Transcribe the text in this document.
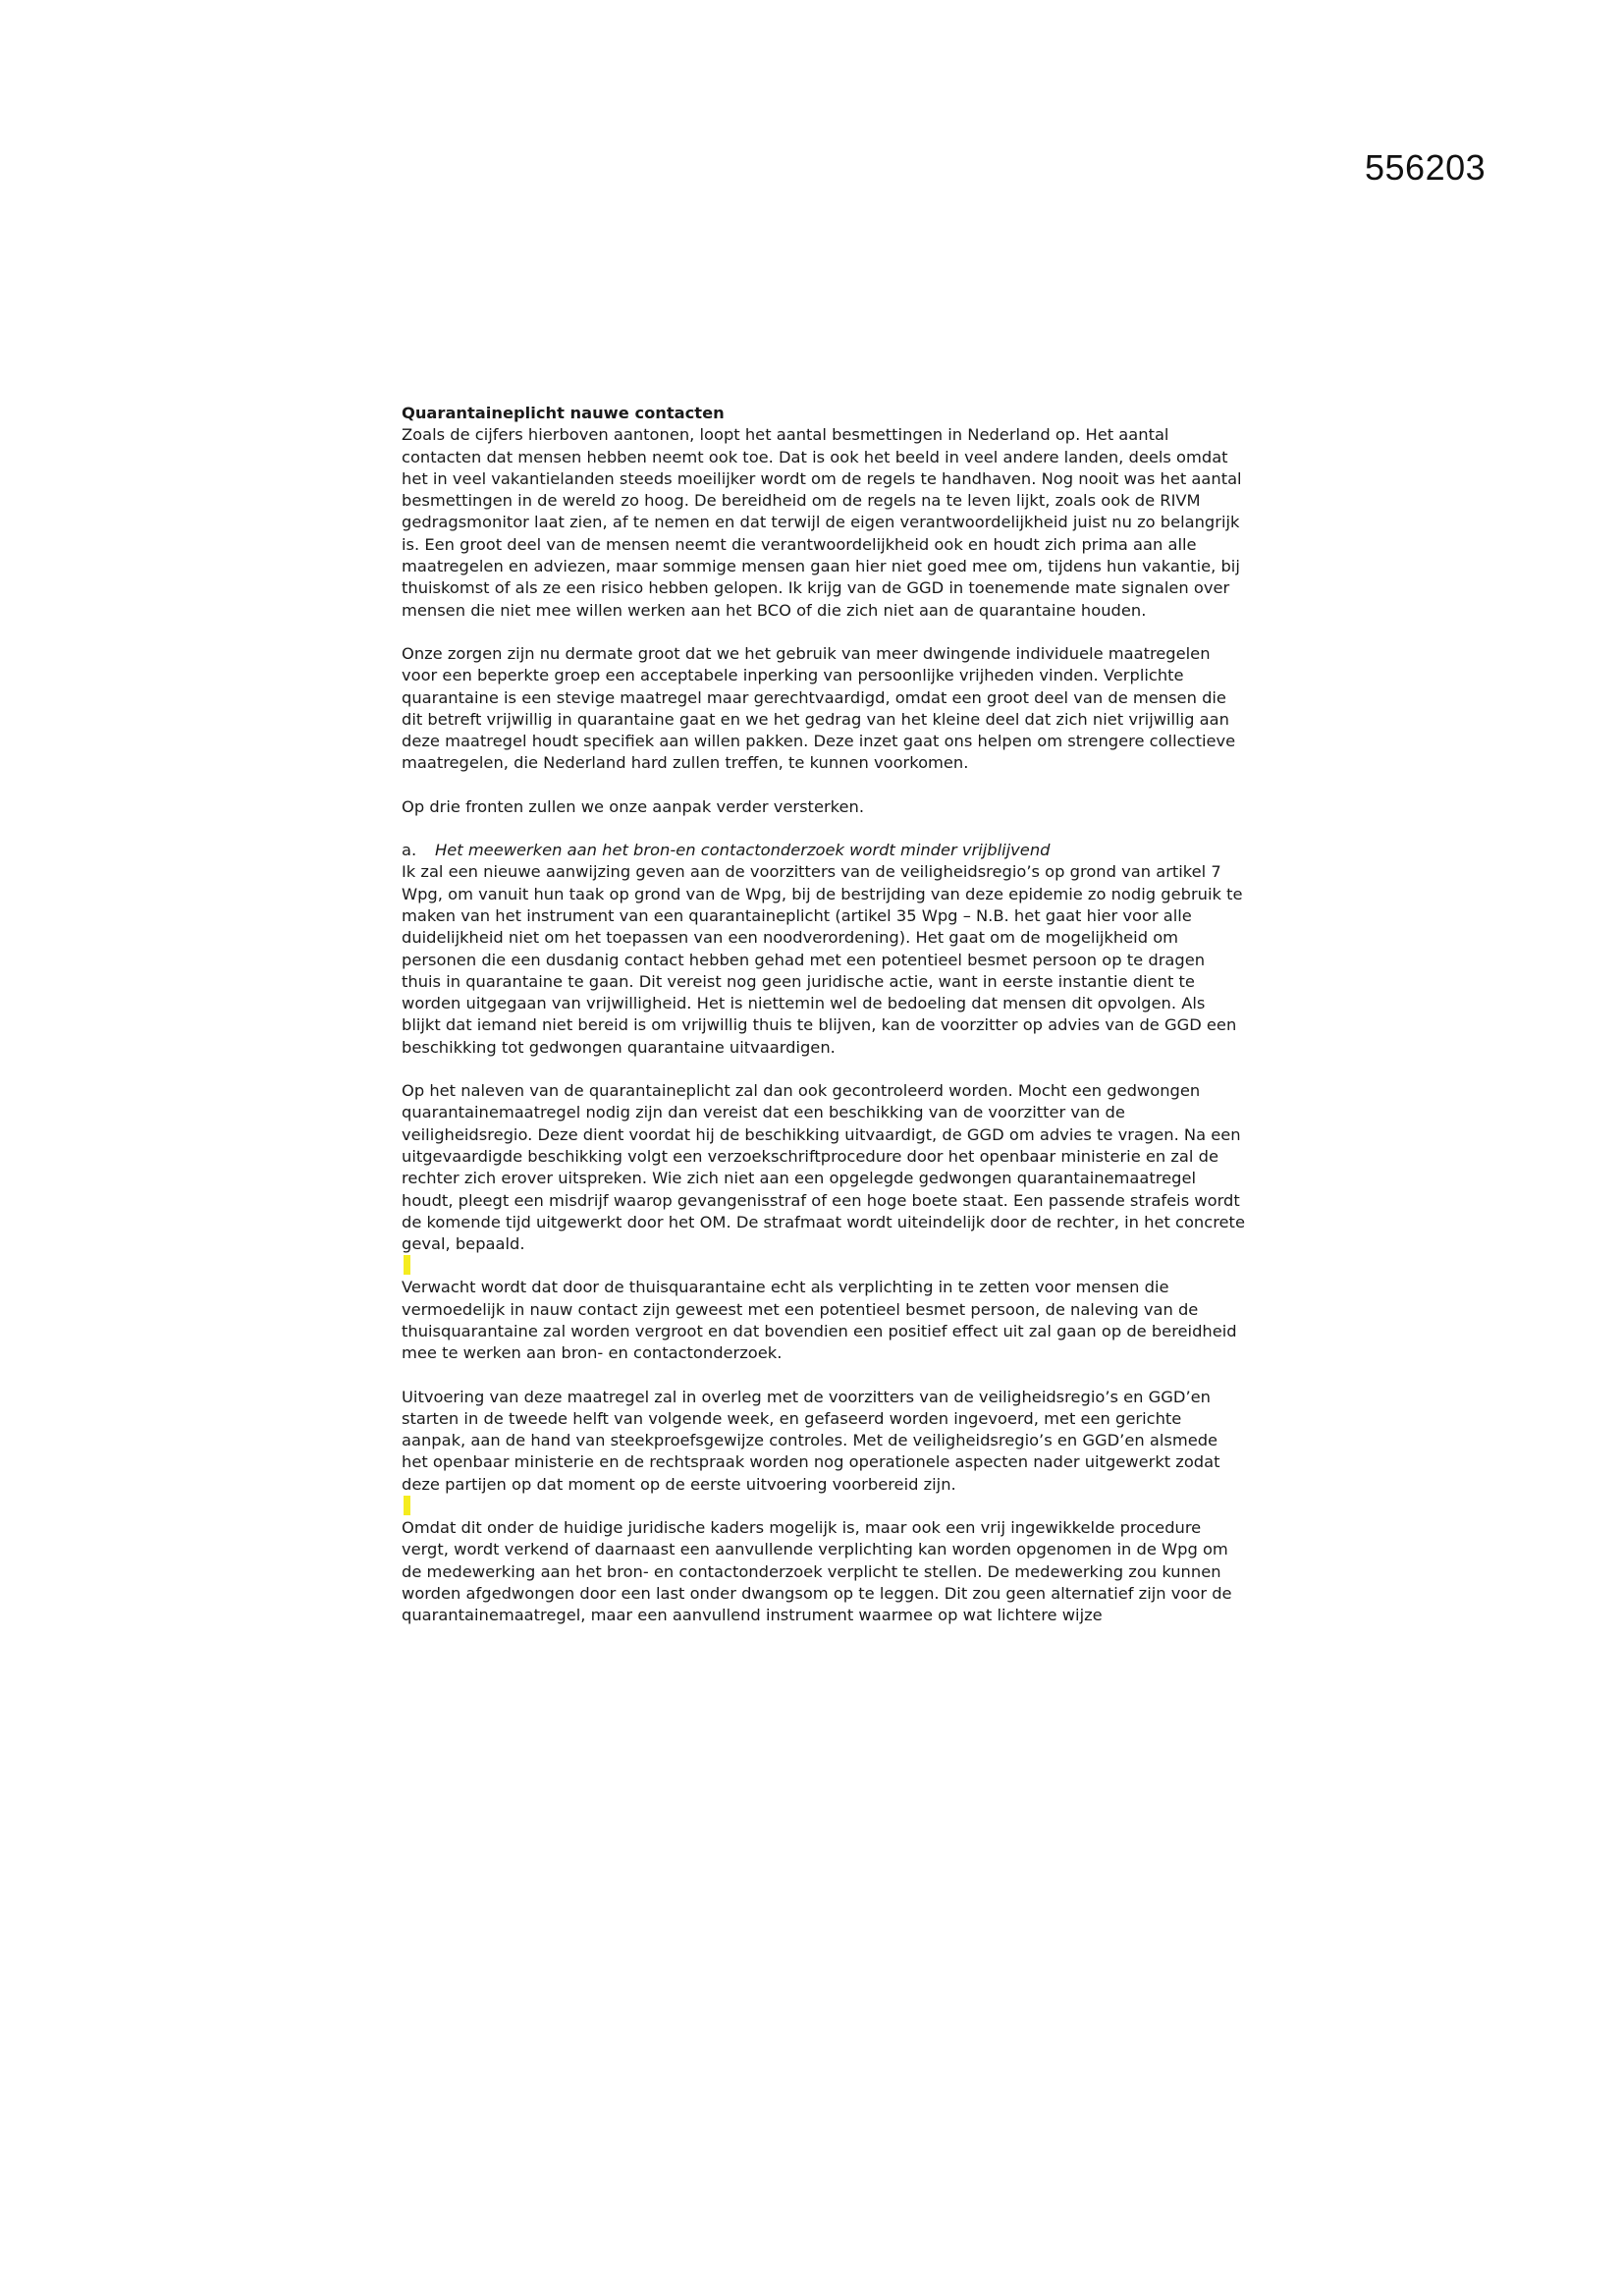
556203
Quarantaineplicht nauwe contacten

Zoals de cijfers hierboven aantonen, loopt het aantal besmettingen in Nederland op. Het aantal contacten dat mensen hebben neemt ook toe. Dat is ook het beeld in veel andere landen, deels omdat het in veel vakantielanden steeds moeilijker wordt om de regels te handhaven. Nog nooit was het aantal besmettingen in de wereld zo hoog. De bereidheid om de regels na te leven lijkt, zoals ook de RIVM gedragsmonitor laat zien, af te nemen en dat terwijl de eigen verantwoordelijkheid juist nu zo belangrijk is. Een groot deel van de mensen neemt die verantwoordelijkheid ook en houdt zich prima aan alle maatregelen en adviezen, maar sommige mensen gaan hier niet goed mee om, tijdens hun vakantie, bij thuiskomst of als ze een risico hebben gelopen. Ik krijg van de GGD in toenemende mate signalen over mensen die niet mee willen werken aan het BCO of die zich niet aan de quarantaine houden.

Onze zorgen zijn nu dermate groot dat we het gebruik van meer dwingende individuele maatregelen voor een beperkte groep een acceptabele inperking van persoonlijke vrijheden vinden. Verplichte quarantaine is een stevige maatregel maar gerechtvaardigd, omdat een groot deel van de mensen die dit betreft vrijwillig in quarantaine gaat en we het gedrag van het kleine deel dat zich niet vrijwillig aan deze maatregel houdt specifiek aan willen pakken. Deze inzet gaat ons helpen om strengere collectieve maatregelen, die Nederland hard zullen treffen, te kunnen voorkomen.

Op drie fronten zullen we onze aanpak verder versterken.

a. Het meewerken aan het bron-en contactonderzoek wordt minder vrijblijvend

Ik zal een nieuwe aanwijzing geven aan de voorzitters van de veiligheidsregio’s op grond van artikel 7 Wpg, om vanuit hun taak op grond van de Wpg, bij de bestrijding van deze epidemie zo nodig gebruik te maken van het instrument van een quarantaineplicht (artikel 35 Wpg – N.B. het gaat hier voor alle duidelijkheid niet om het toepassen van een noodverordening). Het gaat om de mogelijkheid om personen die een dusdanig contact hebben gehad met een potentieel besmet persoon op te dragen thuis in quarantaine te gaan. Dit vereist nog geen juridische actie, want in eerste instantie dient te worden uitgegaan van vrijwilligheid. Het is niettemin wel de bedoeling dat mensen dit opvolgen. Als blijkt dat iemand niet bereid is om vrijwillig thuis te blijven, kan de voorzitter op advies van de GGD een beschikking tot gedwongen quarantaine uitvaardigen.

Op het naleven van de quarantaineplicht zal dan ook gecontroleerd worden. Mocht een gedwongen quarantainemaatregel nodig zijn dan vereist dat een beschikking van de voorzitter van de veiligheidsregio. Deze dient voordat hij de beschikking uitvaardigt, de GGD om advies te vragen. Na een uitgevaardigde beschikking volgt een verzoekschriftprocedure door het openbaar ministerie en zal de rechter zich erover uitspreken. Wie zich niet aan een opgelegde gedwongen quarantainemaatregel houdt, pleegt een misdrijf waarop gevangenisstraf of een hoge boete staat. Een passende strafeis wordt de komende tijd uitgewerkt door het OM. De strafmaat wordt uiteindelijk door de rechter, in het concrete geval, bepaald.

Verwacht wordt dat door de thuisquarantaine echt als verplichting in te zetten voor mensen die vermoedelijk in nauw contact zijn geweest met een potentieel besmet persoon, de naleving van de thuisquarantaine zal worden vergroot en dat bovendien een positief effect uit zal gaan op de bereidheid mee te werken aan bron- en contactonderzoek.

Uitvoering van deze maatregel zal in overleg met de voorzitters van de veiligheidsregio’s en GGD’en starten in de tweede helft van volgende week, en gefaseerd worden ingevoerd, met een gerichte aanpak, aan de hand van steekproefsgewijze controles. Met de veiligheidsregio’s en GGD’en alsmede het openbaar ministerie en de rechtspraak worden nog operationele aspecten nader uitgewerkt zodat deze partijen op dat moment op de eerste uitvoering voorbereid zijn.

Omdat dit onder de huidige juridische kaders mogelijk is, maar ook een vrij ingewikkelde procedure vergt, wordt verkend of daarnaast een aanvullende verplichting kan worden opgenomen in de Wpg om de medewerking aan het bron- en contactonderzoek verplicht te stellen. De medewerking zou kunnen worden afgedwongen door een last onder dwangsom op te leggen. Dit zou geen alternatief zijn voor de quarantainemaatregel, maar een aanvullend instrument waarmee op wat lichtere wijze
